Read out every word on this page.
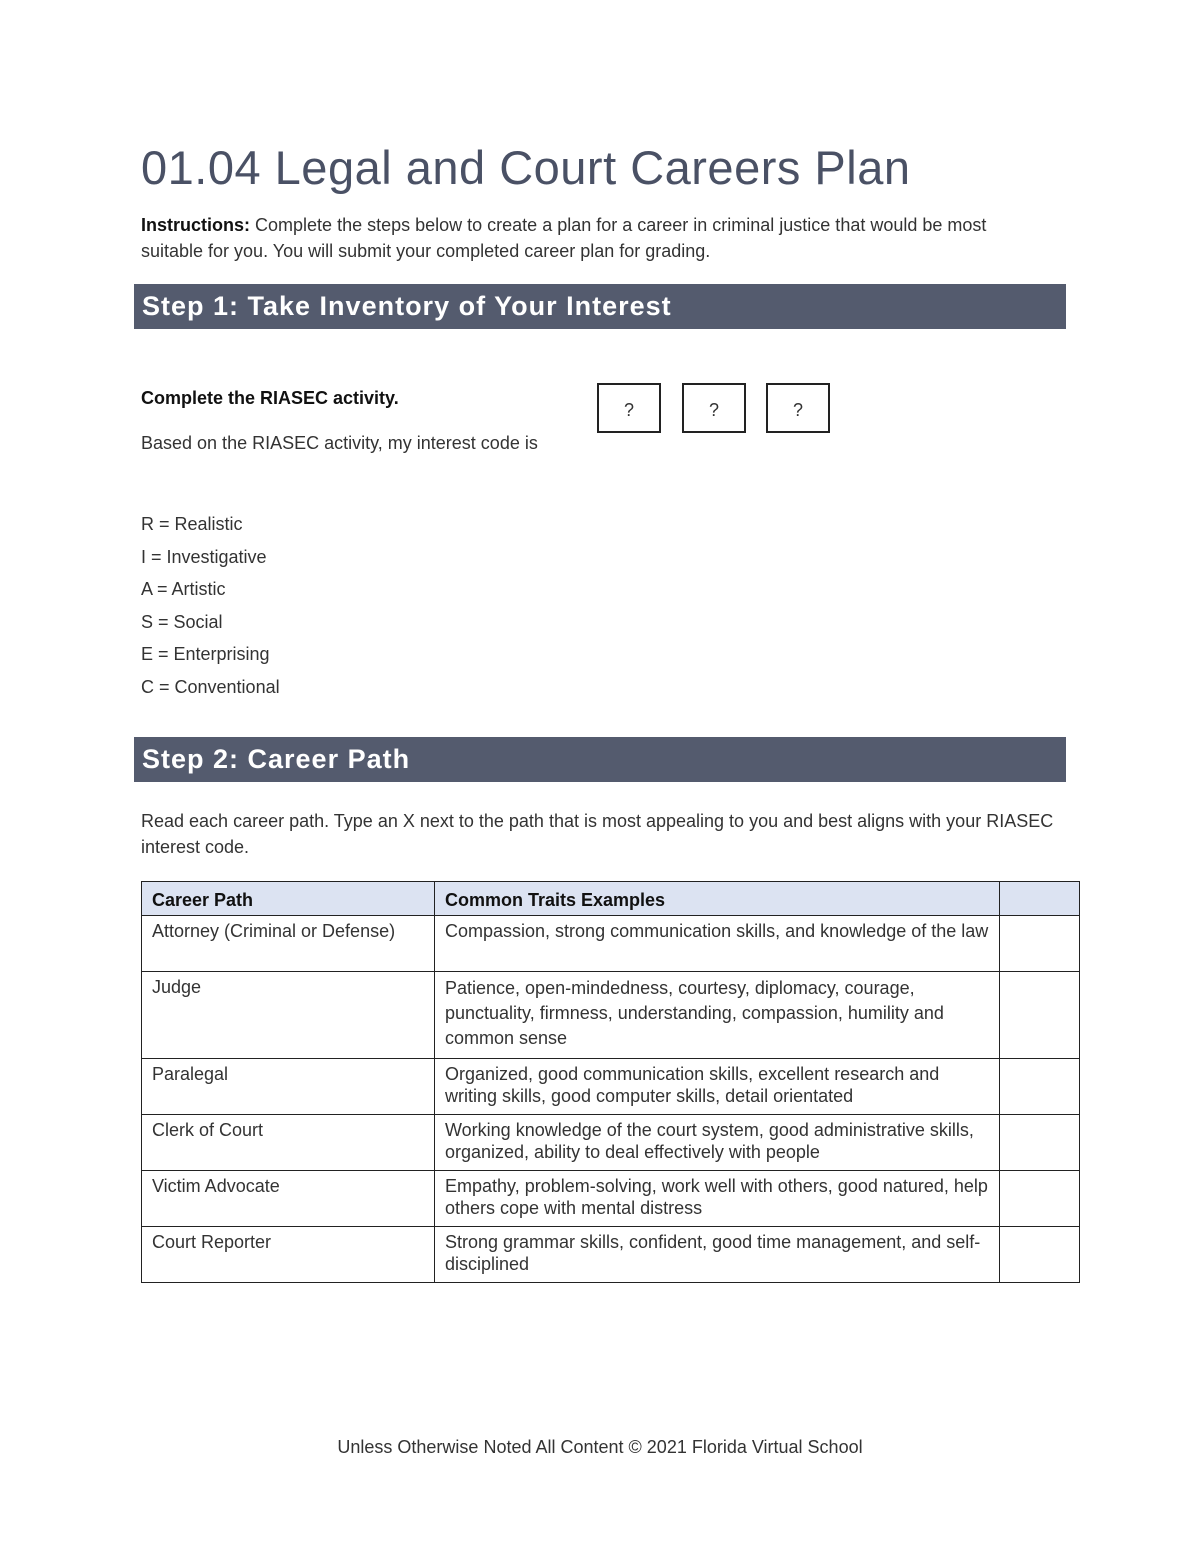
01.04 Legal and Court Careers Plan
Instructions: Complete the steps below to create a plan for a career in criminal justice that would be most suitable for you. You will submit your completed career plan for grading.
Step 1: Take Inventory of Your Interest
Complete the RIASEC activity.
Based on the RIASEC activity, my interest code is
?	?	?
R = Realistic
I = Investigative
A = Artistic
S = Social
E = Enterprising
C = Conventional
Step 2: Career Path
Read each career path. Type an X next to the path that is most appealing to you and best aligns with your RIASEC interest code.
Career Path	Common Traits Examples	
Attorney (Criminal or Defense)	Compassion, strong communication skills, and knowledge of the law	
Judge	Patience, open-mindedness, courtesy, diplomacy, courage, punctuality, firmness, understanding, compassion, humility and common sense	
Paralegal	Organized, good communication skills, excellent research and writing skills, good computer skills, detail orientated	
Clerk of Court	Working knowledge of the court system, good administrative skills, organized, ability to deal effectively with people	
Victim Advocate	Empathy, problem-solving, work well with others, good natured, help others cope with mental distress	
Court Reporter	Strong grammar skills, confident, good time management, and self-disciplined	
Unless Otherwise Noted All Content © 2021 Florida Virtual School
